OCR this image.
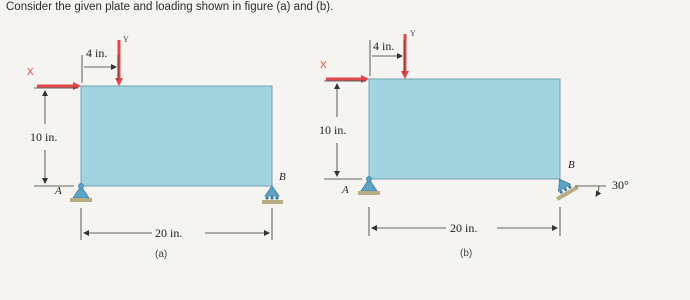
Consider the given plate and loading shown in figure (a) and (b).
X
Y
4 in.
10 in.
A
B
20 in.
(a)
X
Y
4 in.
10 in.
A
B
30°
20 in.
(b)
